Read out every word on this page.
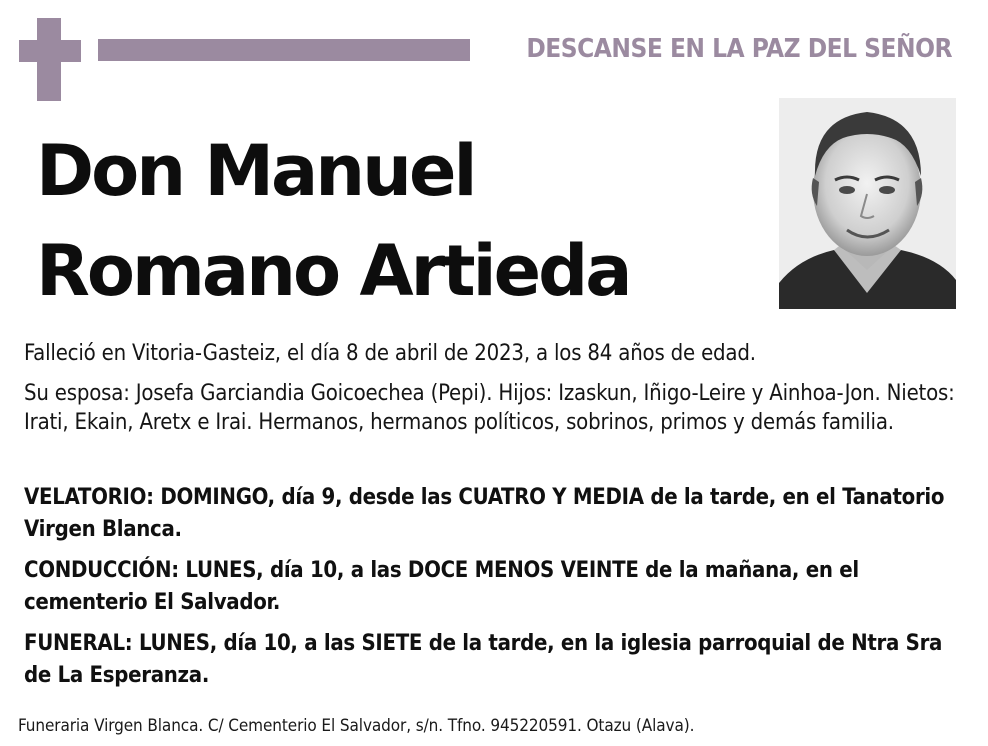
DESCANSE EN LA PAZ DEL SEÑOR
Don Manuel
Romano Artieda
Falleció en Vitoria-Gasteiz, el día 8 de abril de 2023, a los 84 años de edad.
Su esposa: Josefa Garciandia Goicoechea (Pepi). Hijos: Izaskun, Iñigo-Leire y Ainhoa-Jon. Nietos: Irati, Ekain, Aretx e Irai. Hermanos, hermanos políticos, sobrinos, primos y demás familia.
VELATORIO: DOMINGO, día 9, desde las CUATRO Y MEDIA de la tarde, en el Tanatorio Virgen Blanca.
CONDUCCIÓN: LUNES, día 10, a las DOCE MENOS VEINTE de la mañana, en el cementerio El Salvador.
FUNERAL: LUNES, día 10, a las SIETE de la tarde, en la iglesia parroquial de Ntra Sra de La Esperanza.
Funeraria Virgen Blanca. C/ Cementerio El Salvador, s/n. Tfno. 945220591. Otazu (Alava).
